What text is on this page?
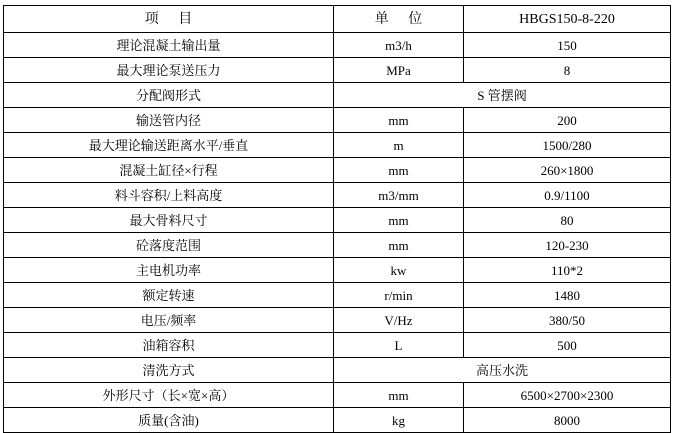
项 目	单 位	HBGS150-8-220
理论混凝土输出量	m3/h	150
最大理论泵送压力	MPa	8
分配阀形式	S 管摆阀	
输送管内径	mm	200
最大理论输送距离水平/垂直	m	1500/280
混凝土缸径×行程	mm	260×1800
料斗容积/上料高度	m3/mm	0.9/1100
最大骨料尺寸	mm	80
砼落度范围	mm	120-230
主电机功率	kw	110*2
额定转速	r/min	1480
电压/频率	V/Hz	380/50
油箱容积	L	500
清洗方式	高压水洗	
外形尺寸（长×宽×高）	mm	6500×2700×2300
质量(含油)	kg	8000
